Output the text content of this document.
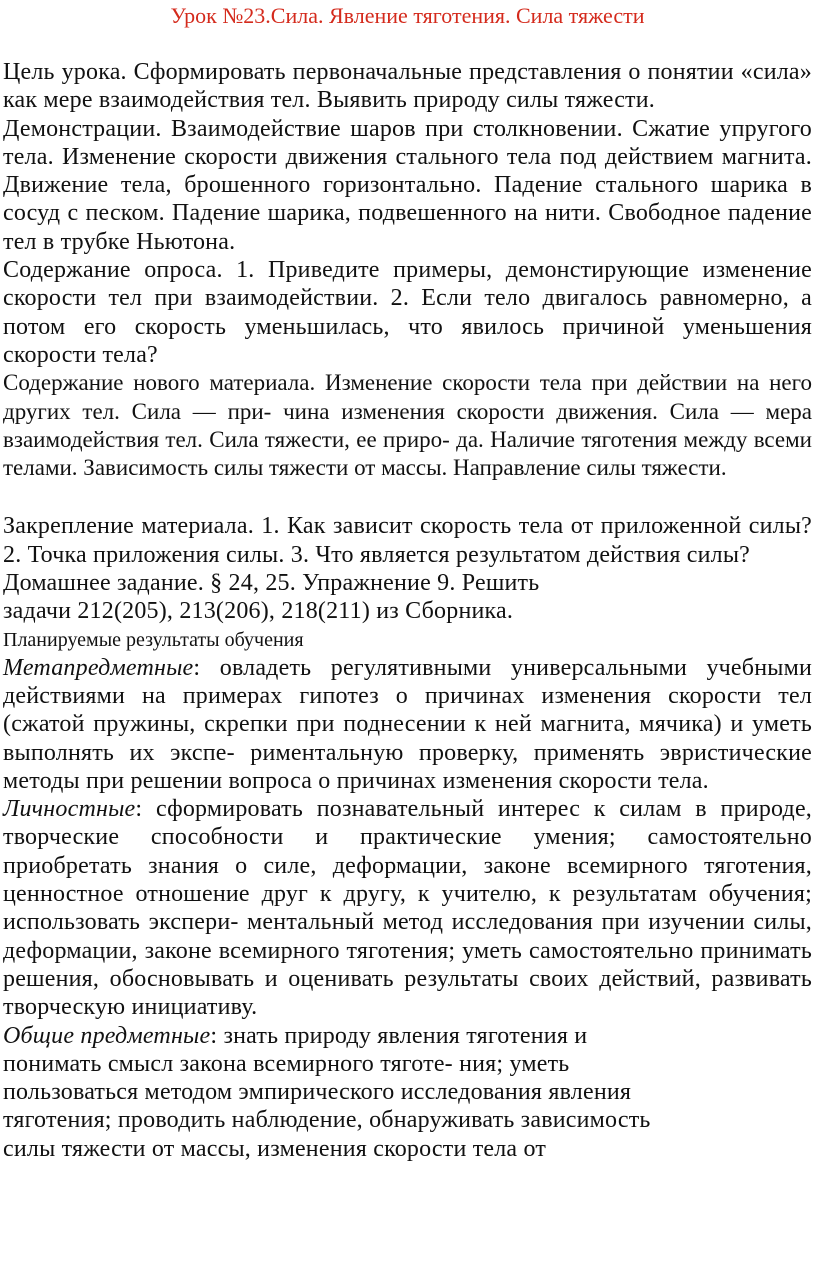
Урок №23.Сила. Явление тяготения. Сила тяжести

Цель урока. Сформировать первоначальные представления о понятии «сила» как мере взаимодействия тел. Выявить природу силы тяжести.

Демонстрации. Взаимодействие шаров при столкновении. Сжатие упругого тела. Изменение скорости движения стального тела под действием магнита. Движение тела, брошенного горизонтально. Падение стального шарика в сосуд с песком. Падение шарика, подвешенного на нити. Свободное падение тел в трубке Ньютона.

Содержание опроса. 1. Приведите примеры, демонстирующие изменение скорости тел при взаимодействии. 2. Если тело двигалось равномерно, а потом его скорость уменьшилась, что явилось причиной уменьшения скорости тела?

Содержание нового материала. Изменение скорости тела при действии на него других тел. Сила — при- чина изменения скорости движения. Сила — мера взаимодействия тел. Сила тяжести, ее приро- да. Наличие тяготения между всеми телами. Зависимость силы тяжести от массы. Направление силы тяжести.

Закрепление материала. 1. Как зависит скорость тела от приложенной силы? 2. Точка приложения силы. 3. Что является результатом действия силы?

Домашнее задание. § 24, 25. Упражнение 9. Решить

задачи 212(205), 213(206), 218(211) из Сборника.

Планируемые результаты обучения

Метапредметные: овладеть регулятивными универсальными учебными действиями на примерах гипотез о причинах изменения скорости тел (сжатой пружины, скрепки при поднесении к ней магнита, мячика) и уметь выполнять их экспе- риментальную проверку, применять эвристические методы при решении вопроса о причинах изменения скорости тела.

Личностные: сформировать познавательный интерес к силам в природе, творческие способности и практические умения; самостоятельно приобретать знания о силе, деформации, законе всемирного тяготения, ценностное отношение друг к другу, к учителю, к результатам обучения; использовать экспери- ментальный метод исследования при изучении силы, деформации, законе всемирного тяготения; уметь самостоятельно принимать решения, обосновывать и оценивать результаты своих действий, развивать творческую инициативу.

Общие предметные: знать природу явления тяготения и

понимать смысл закона всемирного тяготе- ния; уметь

пользоваться методом эмпирического исследования явления

тяготения; проводить наблюдение, обнаруживать зависимость

силы тяжести от массы, изменения скорости тела от
